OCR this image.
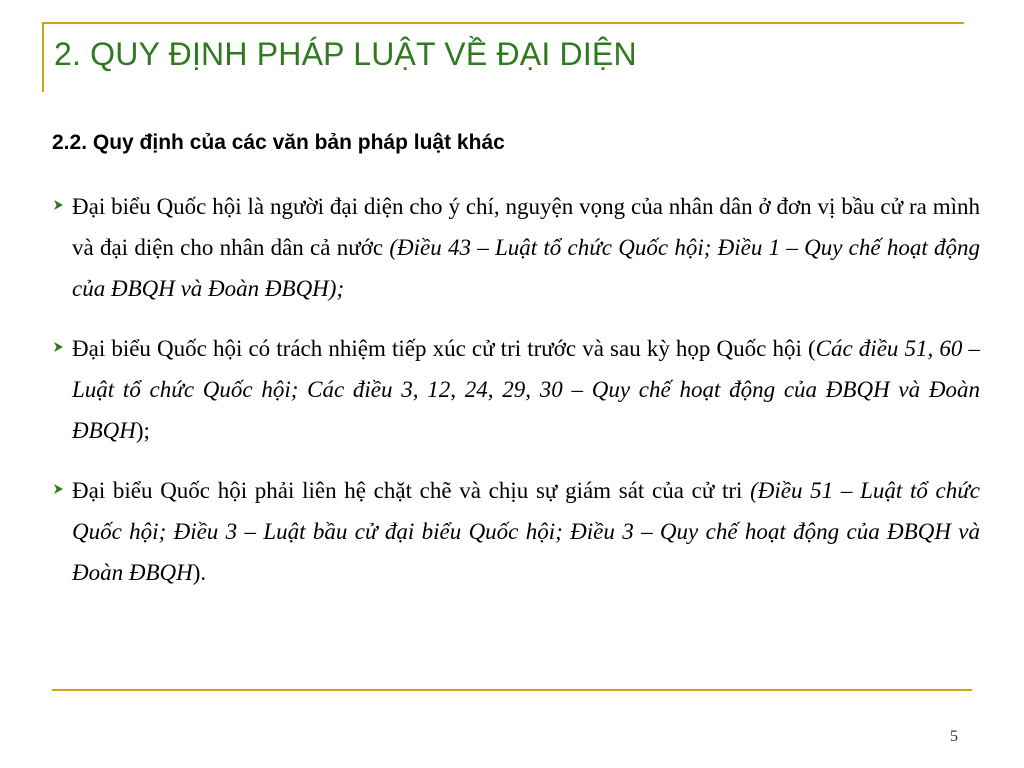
2. QUY ĐỊNH PHÁP LUẬT VỀ ĐẠI DIỆN
2.2. Quy định của các văn bản pháp luật khác
Đại biểu Quốc hội là người đại diện cho ý chí, nguyện vọng của nhân dân ở đơn vị bầu cử ra mình và đại diện cho nhân dân cả nước (Điều 43 – Luật tổ chức Quốc hội; Điều 1 – Quy chế hoạt động của ĐBQH và Đoàn ĐBQH);
Đại biểu Quốc hội có trách nhiệm tiếp xúc cử tri trước và sau kỳ họp Quốc hội (Các điều 51, 60 – Luật tổ chức Quốc hội; Các điều 3, 12, 24, 29, 30 – Quy chế hoạt động của ĐBQH và Đoàn ĐBQH);
Đại biểu Quốc hội phải liên hệ chặt chẽ và chịu sự giám sát của cử tri (Điều 51 – Luật tổ chức Quốc hội; Điều 3 – Luật bầu cử đại biểu Quốc hội; Điều 3 – Quy chế hoạt động của ĐBQH và Đoàn ĐBQH).
5
